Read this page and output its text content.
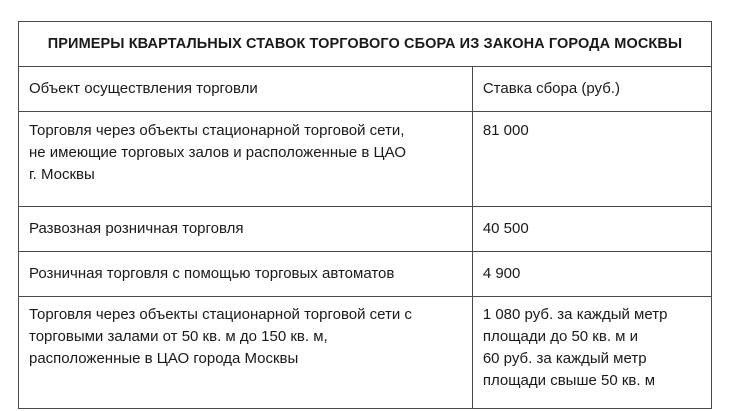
ПРИМЕРЫ КВАРТАЛЬНЫХ СТАВОК ТОРГОВОГО СБОРА ИЗ ЗАКОНА ГОРОДА МОСКВЫ	
Объект осуществления торговли	Ставка сбора (руб.)
Торговля через объекты стационарной торговой сети,
не имеющие торговых залов и расположенные в ЦАО
г. Москвы	81 000
Развозная розничная торговля	40 500
Розничная торговля с помощью торговых автоматов	4 900
Торговля через объекты стационарной торговой сети с
торговыми залами от 50 кв. м до 150 кв. м,
расположенные в ЦАО города Москвы	1 080 руб. за каждый метр
площади до 50 кв. м и
60 руб. за каждый метр
площади свыше 50 кв. м
